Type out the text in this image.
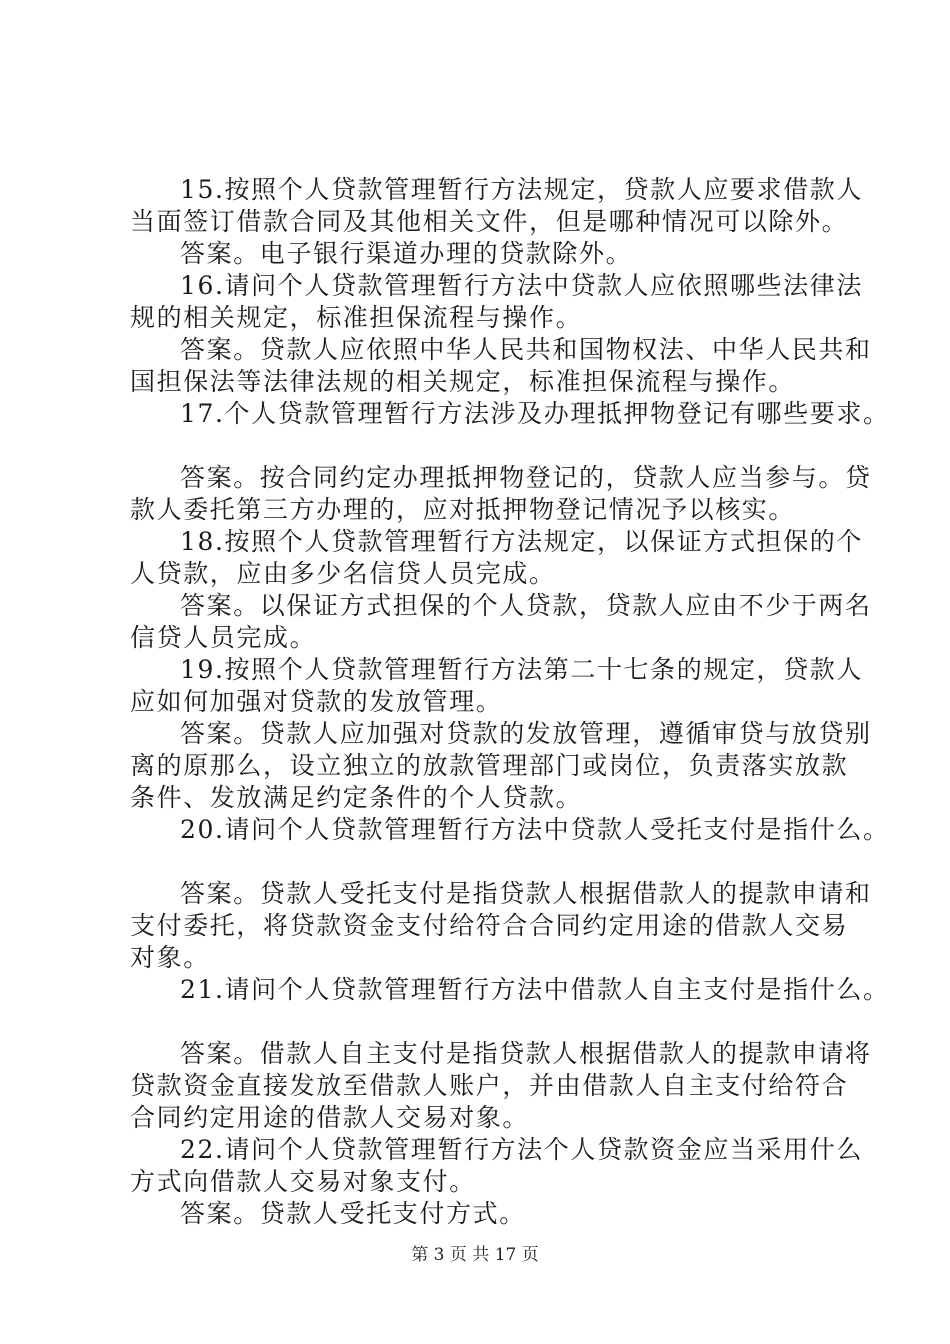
15.按照个人贷款管理暂行方法规定，贷款人应要求借款人
当面签订借款合同及其他相关文件，但是哪种情况可以除外。
答案。电子银行渠道办理的贷款除外。
16.请问个人贷款管理暂行方法中贷款人应依照哪些法律法
规的相关规定，标准担保流程与操作。
答案。贷款人应依照中华人民共和国物权法、中华人民共和
国担保法等法律法规的相关规定，标准担保流程与操作。
17.个人贷款管理暂行方法涉及办理抵押物登记有哪些要求。
答案。按合同约定办理抵押物登记的，贷款人应当参与。贷
款人委托第三方办理的，应对抵押物登记情况予以核实。
18.按照个人贷款管理暂行方法规定，以保证方式担保的个
人贷款，应由多少名信贷人员完成。
答案。以保证方式担保的个人贷款，贷款人应由不少于两名
信贷人员完成。
19.按照个人贷款管理暂行方法第二十七条的规定，贷款人
应如何加强对贷款的发放管理。
答案。贷款人应加强对贷款的发放管理，遵循审贷与放贷别
离的原那么，设立独立的放款管理部门或岗位，负责落实放款
条件、发放满足约定条件的个人贷款。
20.请问个人贷款管理暂行方法中贷款人受托支付是指什么。
答案。贷款人受托支付是指贷款人根据借款人的提款申请和
支付委托，将贷款资金支付给符合合同约定用途的借款人交易
对象。
21.请问个人贷款管理暂行方法中借款人自主支付是指什么。
答案。借款人自主支付是指贷款人根据借款人的提款申请将
贷款资金直接发放至借款人账户，并由借款人自主支付给符合
合同约定用途的借款人交易对象。
22.请问个人贷款管理暂行方法个人贷款资金应当采用什么
方式向借款人交易对象支付。
答案。贷款人受托支付方式。
第 3 页 共 17 页
